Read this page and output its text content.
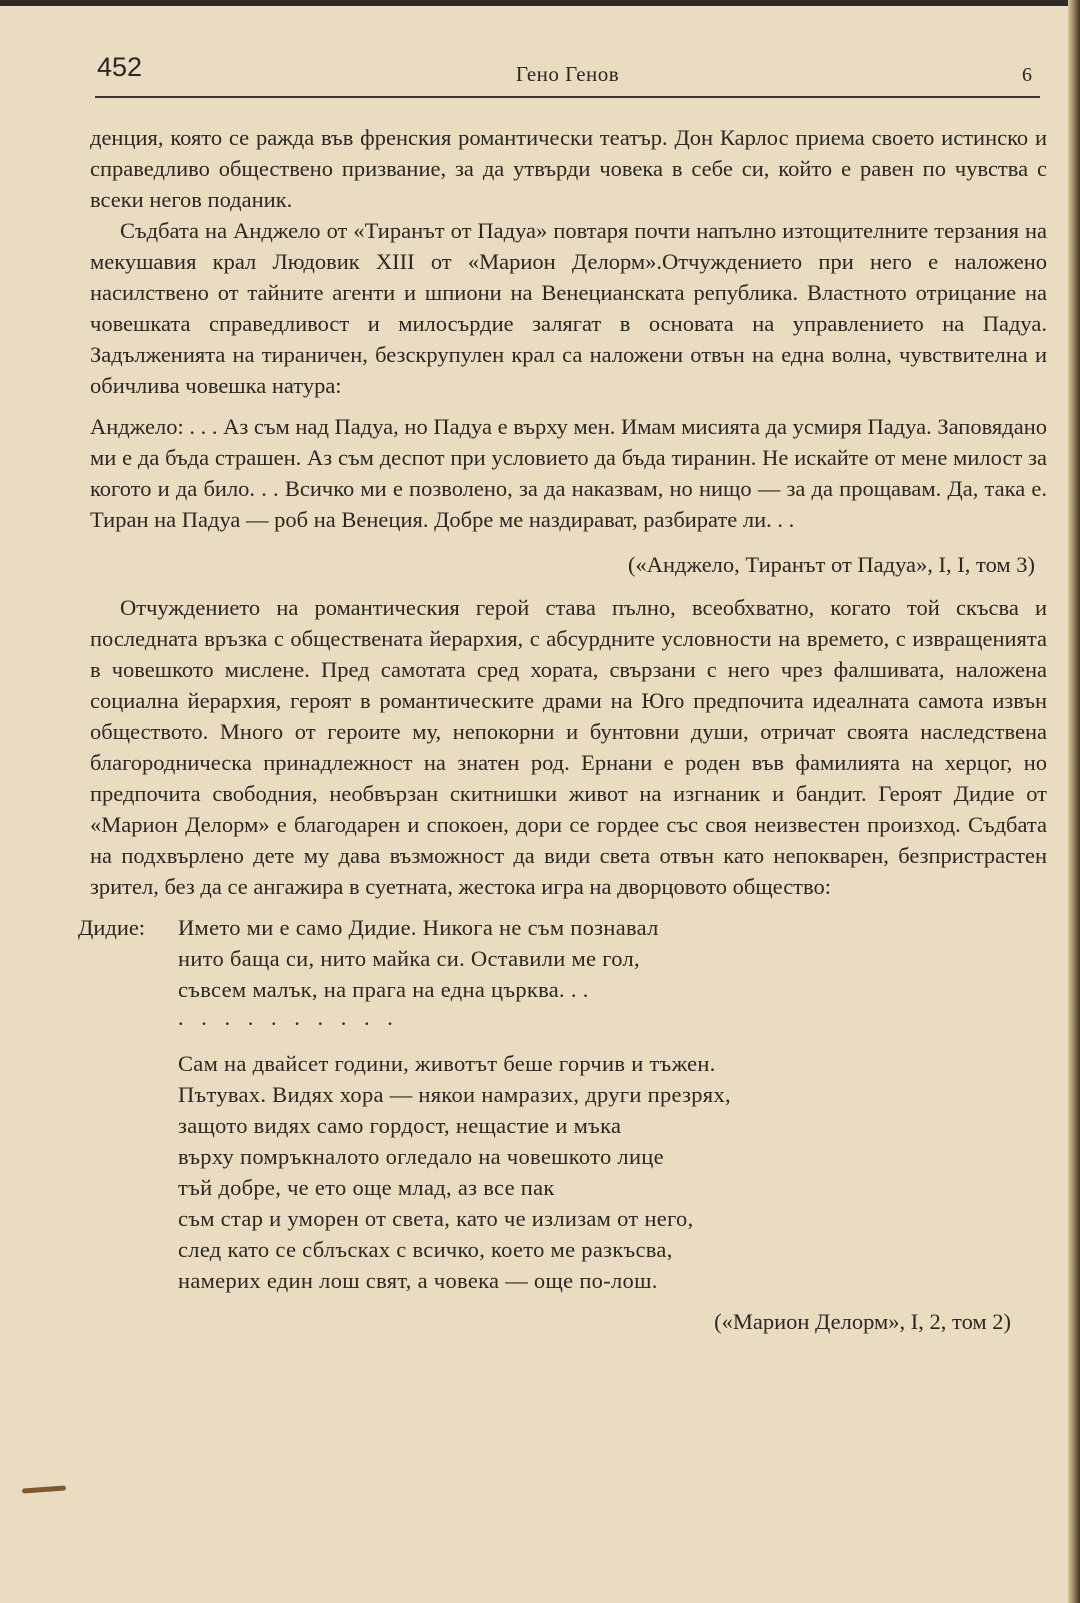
452	Гено Генов	6

денция, която се ражда във френския романтически театър. Дон Карлос приема своето истинско и справедливо обществено призвание, за да утвърди човека в себе си, който е равен по чувства с всеки негов поданик.

Съдбата на Анджело от «Тиранът от Падуа» повтаря почти напълно изтощителните терзания на мекушавия крал Людовик XIII от «Марион Делорм».Отчуждението при него е наложено насилствено от тайните агенти и шпиони на Венецианската република. Властното отрицание на човешката справедливост и милосърдие залягат в основата на управлението на Падуа. Задълженията на тираничен, безскрупулен крал са наложени отвън на една волна, чувствителна и обичлива човешка натура:

Анджело: . . . Аз съм над Падуа, но Падуа е върху мен. Имам мисията да усмиря Падуа. Заповядано ми е да бъда страшен. Аз съм деспот при условието да бъда тиранин. Не искайте от мене милост за когото и да било. . . Всичко ми е позволено, за да наказвам, но нищо — за да прощавам. Да, така е. Тиран на Падуа — роб на Венеция. Добре ме наздирават, разбирате ли. . .

(«Анджело, Тиранът от Падуа», I, I, том 3)

Отчуждението на романтическия герой става пълно, всеобхватно, когато той скъсва и последната връзка с обществената йерархия, с абсурдните условности на времето, с извращенията в човешкото мислене. Пред самотата сред хората, свързани с него чрез фалшивата, наложена социална йерархия, героят в романтическите драми на Юго предпочита идеалната самота извън обществото. Много от героите му, непокорни и бунтовни души, отричат своята наследствена благородническа принадлежност на знатен род. Ернани е роден във фамилията на херцог, но предпочита свободния, необвързан скитнишки живот на изгнаник и бандит. Героят Дидие от «Марион Делорм» е благодарен и спокоен, дори се гордее със своя неизвестен произход. Съдбата на подхвърлено дете му дава възможност да види света отвън като непокварен, безпристрастен зрител, без да се ангажира в суетната, жестока игра на дворцовото общество:

Дидие: Името ми е само Дидие. Никога не съм познавал
нито баща си, нито майка си. Оставили ме гол,
съвсем малък, на прага на една църква. . .
. . . . . . . . . .
Сам на двайсет години, животът беше горчив и тъжен.
Пътувах. Видях хора — някои намразих, други презрях,
защото видях само гордост, нещастие и мъка
върху помръкналото огледало на човешкото лице
тъй добре, че ето още млад, аз все пак
съм стар и уморен от света, като че излизам от него,
след като се сблъсках с всичко, което ме разкъсва,
намерих един лош свят, а човека — още по-лош.

(«Марион Делорм», I, 2, том 2)
